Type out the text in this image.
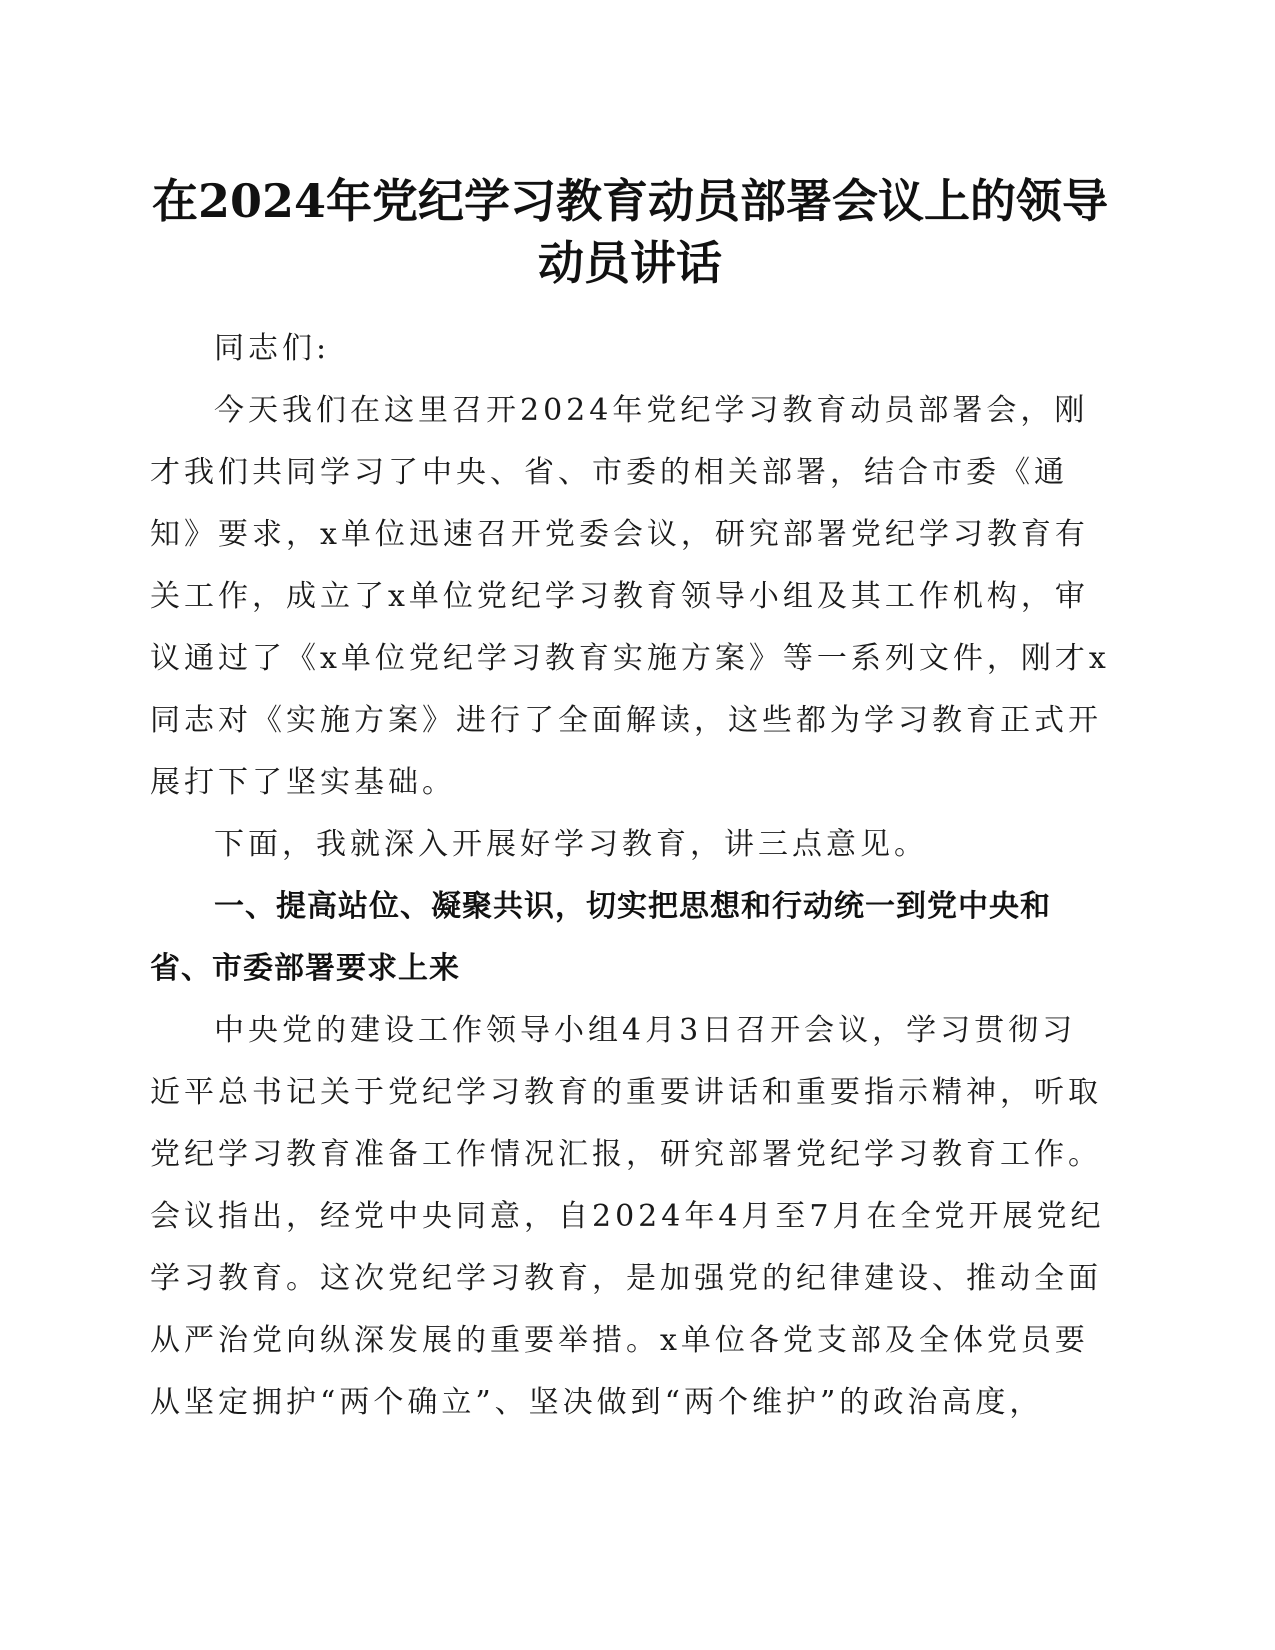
在2024年党纪学习教育动员部署会议上的领导
动员讲话

同志们:

今天我们在这里召开2024年党纪学习教育动员部署会，刚才我们共同学习了中央、省、市委的相关部署，结合市委《通知》要求，x单位迅速召开党委会议，研究部署党纪学习教育有关工作，成立了x单位党纪学习教育领导小组及其工作机构，审议通过了《x单位党纪学习教育实施方案》等一系列文件，刚才x同志对《实施方案》进行了全面解读，这些都为学习教育正式开展打下了坚实基础。

下面，我就深入开展好学习教育，讲三点意见。

一、提高站位、凝聚共识，切实把思想和行动统一到党中央和省、市委部署要求上来

中央党的建设工作领导小组4月3日召开会议，学习贯彻习近平总书记关于党纪学习教育的重要讲话和重要指示精神，听取党纪学习教育准备工作情况汇报，研究部署党纪学习教育工作。会议指出，经党中央同意，自2024年4月至7月在全党开展党纪学习教育。这次党纪学习教育，是加强党的纪律建设、推动全面从严治党向纵深发展的重要举措。x单位各党支部及全体党员要从坚定拥护“两个确立”、坚决做到“两个维护”的政治高度，
